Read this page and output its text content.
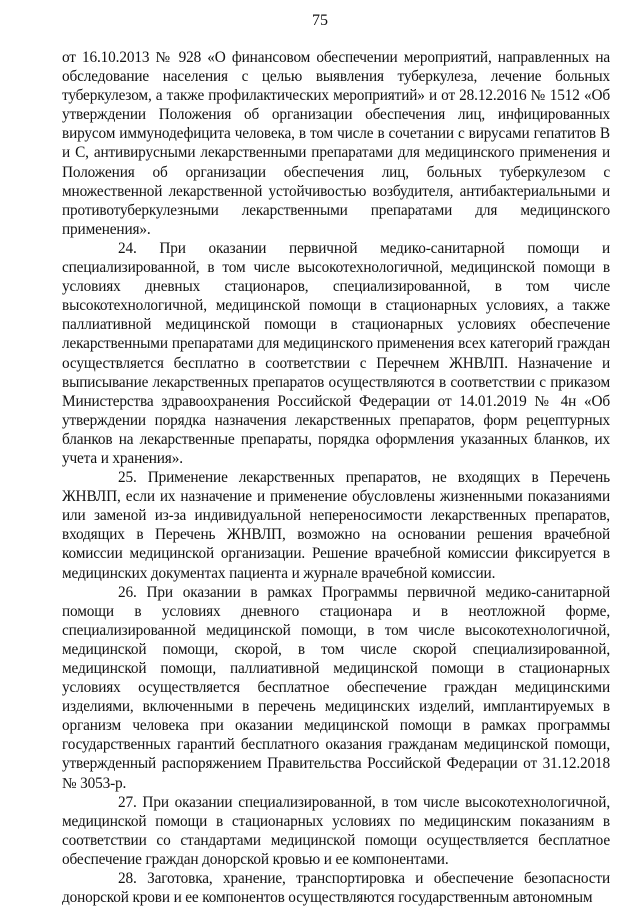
75

от 16.10.2013 № 928 «О финансовом обеспечении мероприятий, направленных на обследование населения с целью выявления туберкулеза, лечение больных туберкулезом, а также профилактических мероприятий» и от 28.12.2016 № 1512 «Об утверждении Положения об организации обеспечения лиц, инфицированных вирусом иммунодефицита человека, в том числе в сочетании с вирусами гепатитов В и С, антивирусными лекарственными препаратами для медицинского применения и Положения об организации обеспечения лиц, больных туберкулезом с множественной лекарственной устойчивостью возбудителя, антибактериальными и противотуберкулезными лекарственными препаратами для медицинского применения».

24. При оказании первичной медико-санитарной помощи и специализированной, в том числе высокотехнологичной, медицинской помощи в условиях дневных стационаров, специализированной, в том числе высокотехнологичной, медицинской помощи в стационарных условиях, а также паллиативной медицинской помощи в стационарных условиях обеспечение лекарственными препаратами для медицинского применения всех категорий граждан осуществляется бесплатно в соответствии с Перечнем ЖНВЛП. Назначение и выписывание лекарственных препаратов осуществляются в соответствии с приказом Министерства здравоохранения Российской Федерации от 14.01.2019 № 4н «Об утверждении порядка назначения лекарственных препаратов, форм рецептурных бланков на лекарственные препараты, порядка оформления указанных бланков, их учета и хранения».

25. Применение лекарственных препаратов, не входящих в Перечень ЖНВЛП, если их назначение и применение обусловлены жизненными показаниями или заменой из-за индивидуальной непереносимости лекарственных препаратов, входящих в Перечень ЖНВЛП, возможно на основании решения врачебной комиссии медицинской организации. Решение врачебной комиссии фиксируется в медицинских документах пациента и журнале врачебной комиссии.

26. При оказании в рамках Программы первичной медико-санитарной помощи в условиях дневного стационара и в неотложной форме, специализированной медицинской помощи, в том числе высокотехнологичной, медицинской помощи, скорой, в том числе скорой специализированной, медицинской помощи, паллиативной медицинской помощи в стационарных условиях осуществляется бесплатное обеспечение граждан медицинскими изделиями, включенными в перечень медицинских изделий, имплантируемых в организм человека при оказании медицинской помощи в рамках программы государственных гарантий бесплатного оказания гражданам медицинской помощи, утвержденный распоряжением Правительства Российской Федерации от 31.12.2018 № 3053-р.

27. При оказании специализированной, в том числе высокотехнологичной, медицинской помощи в стационарных условиях по медицинским показаниям в соответствии со стандартами медицинской помощи осуществляется бесплатное обеспечение граждан донорской кровью и ее компонентами.

28. Заготовка, хранение, транспортировка и обеспечение безопасности донорской крови и ее компонентов осуществляются государственным автономным
